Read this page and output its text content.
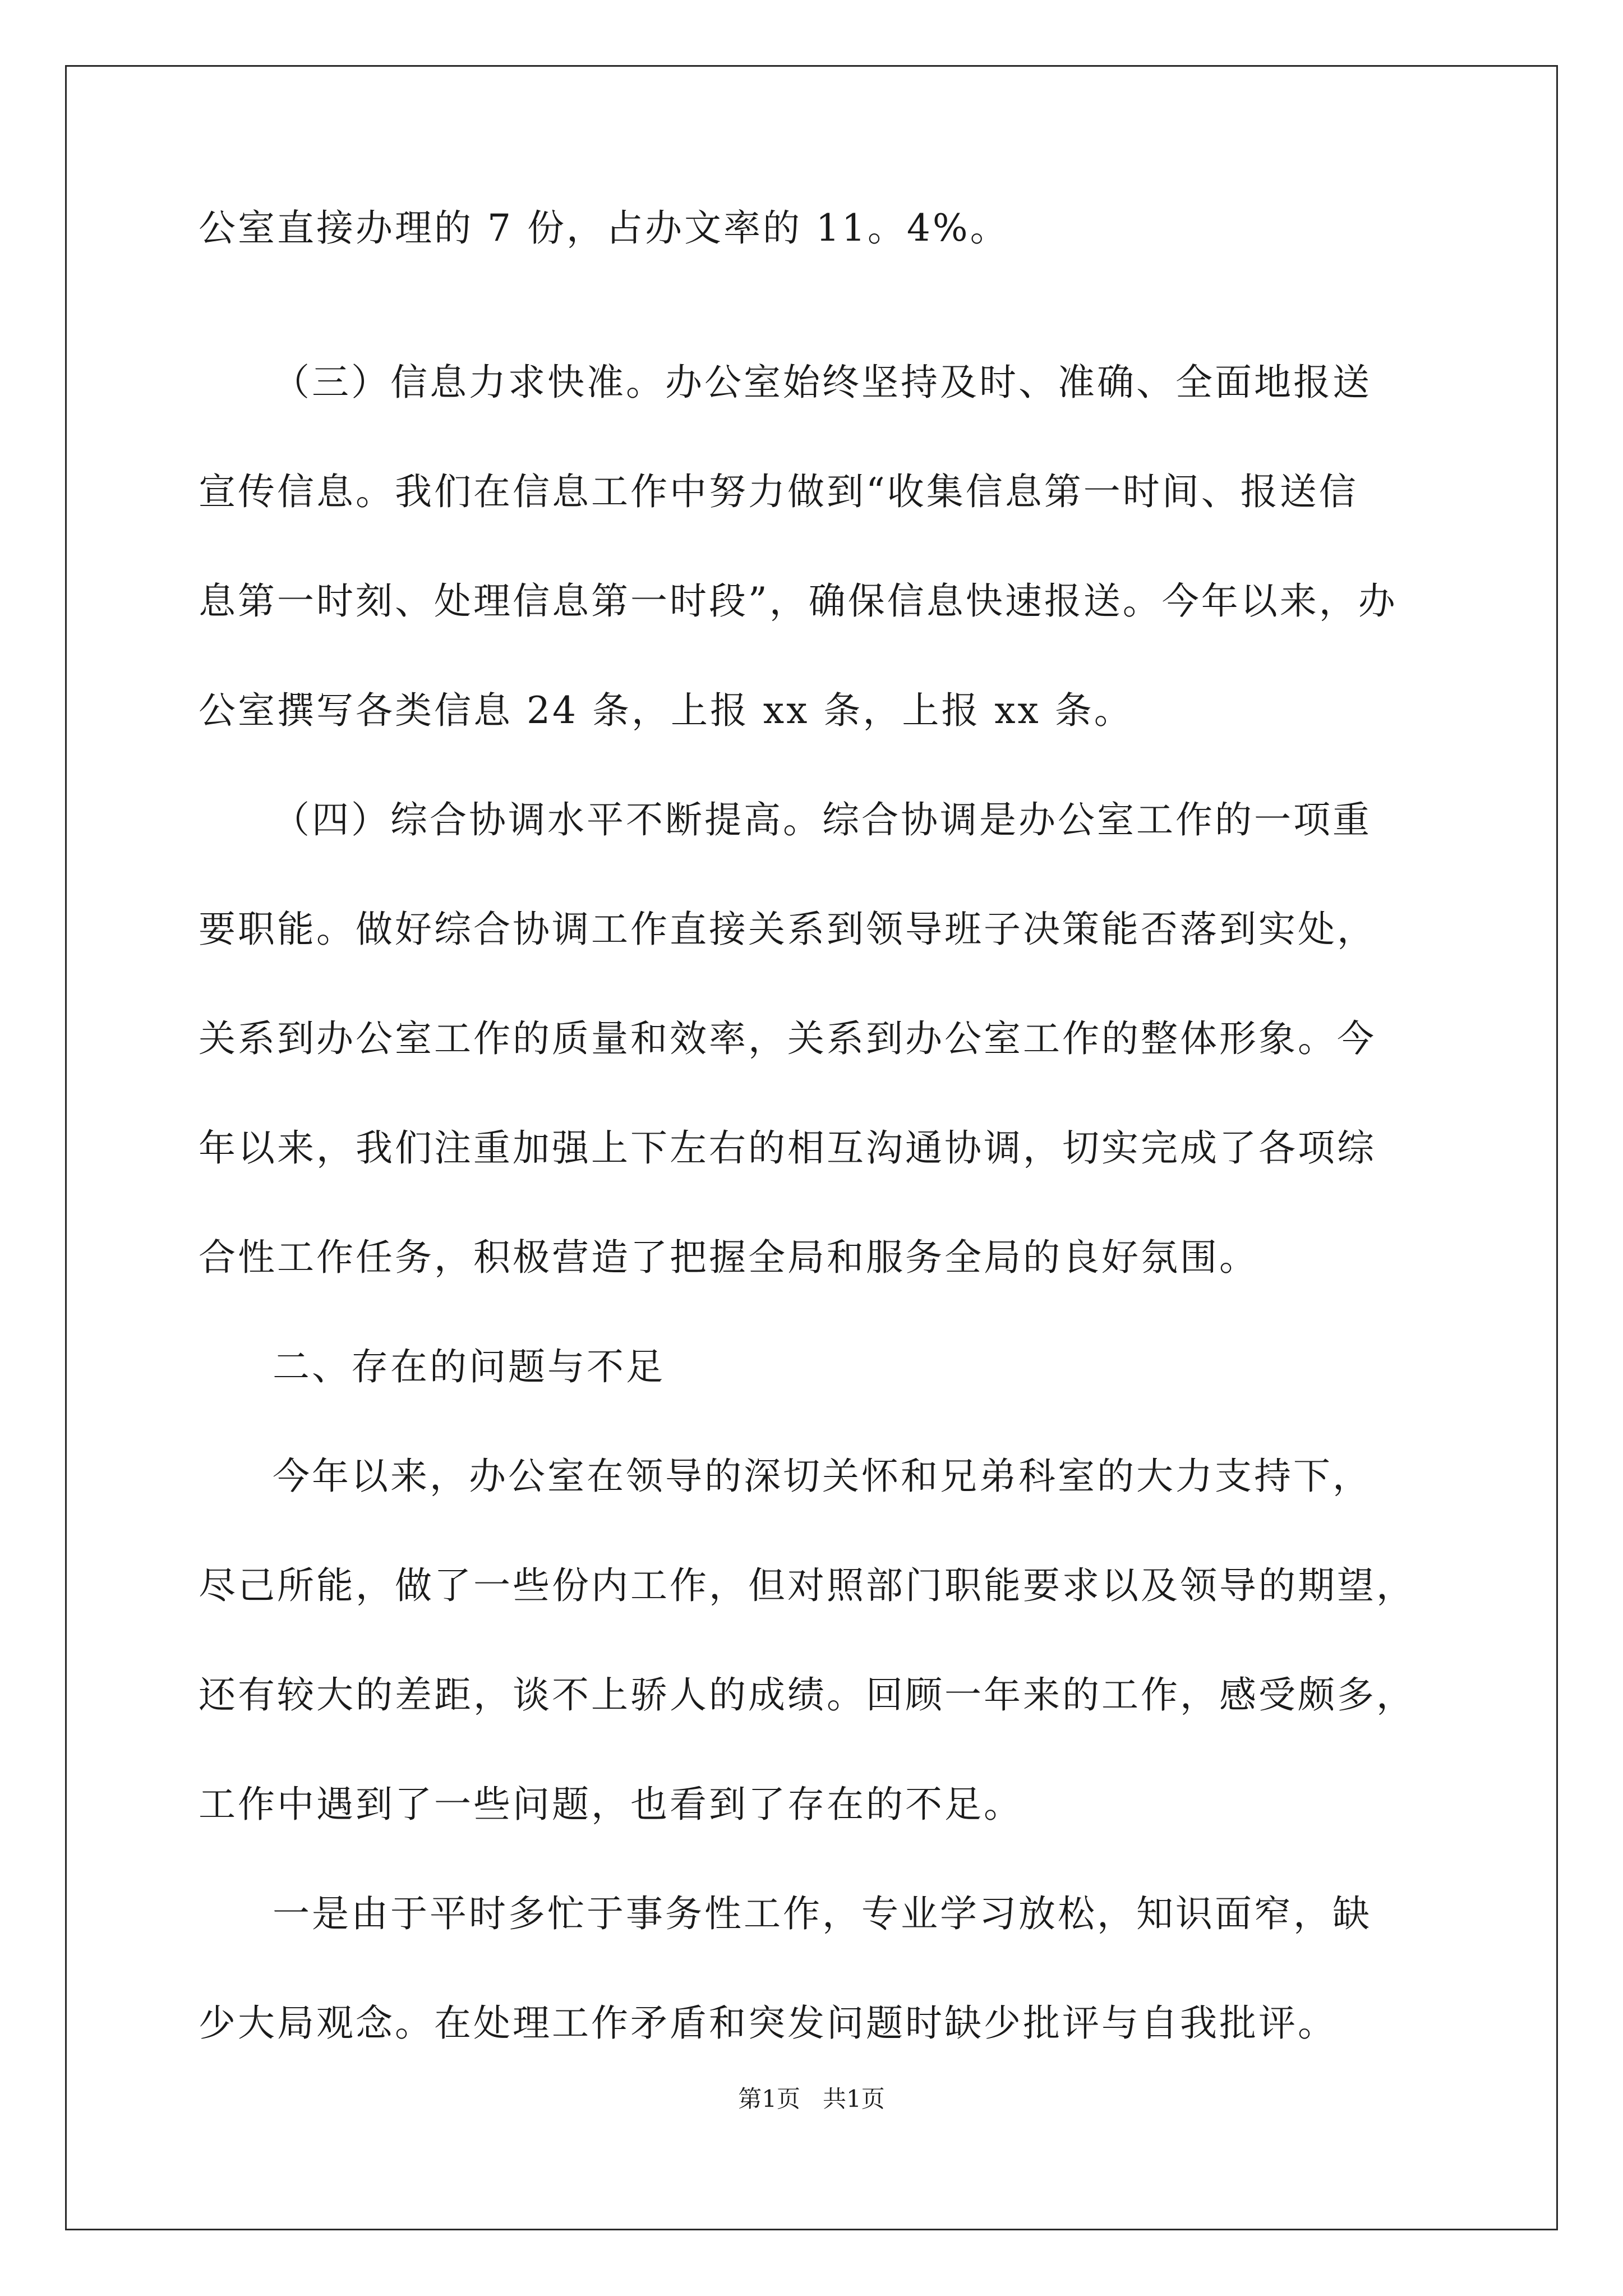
公室直接办理的 7 份，占办文率的 11。4%。
（三）信息力求快准。办公室始终坚持及时、准确、全面地报送
宣传信息。我们在信息工作中努力做到“收集信息第一时间、报送信
息第一时刻、处理信息第一时段”，确保信息快速报送。今年以来，办
公室撰写各类信息 24 条，上报 xx 条，上报 xx 条。
（四）综合协调水平不断提高。综合协调是办公室工作的一项重
要职能。做好综合协调工作直接关系到领导班子决策能否落到实处，
关系到办公室工作的质量和效率，关系到办公室工作的整体形象。今
年以来，我们注重加强上下左右的相互沟通协调，切实完成了各项综
合性工作任务，积极营造了把握全局和服务全局的良好氛围。
二、存在的问题与不足
今年以来，办公室在领导的深切关怀和兄弟科室的大力支持下，
尽己所能，做了一些份内工作，但对照部门职能要求以及领导的期望，
还有较大的差距，谈不上骄人的成绩。回顾一年来的工作，感受颇多，
工作中遇到了一些问题，也看到了存在的不足。
一是由于平时多忙于事务性工作，专业学习放松，知识面窄，缺
少大局观念。在处理工作矛盾和突发问题时缺少批评与自我批评。
第1页   共1页
